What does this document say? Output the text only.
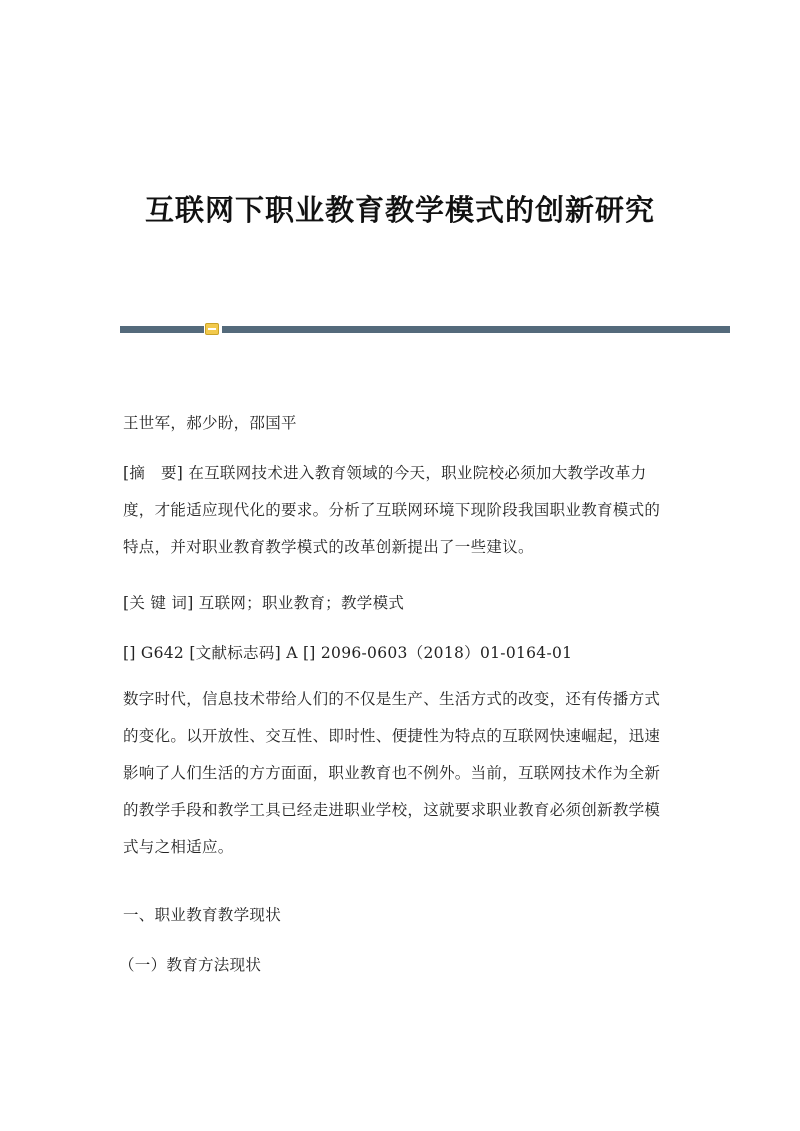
互联网下职业教育教学模式的创新研究
王世军，郝少盼，邵国平

[摘　要] 在互联网技术进入教育领域的今天，职业院校必须加大教学改革力

度，才能适应现代化的要求。分析了互联网环境下现阶段我国职业教育模式的

特点，并对职业教育教学模式的改革创新提出了一些建议。

[关 键 词] 互联网；职业教育；教学模式
[] G642 [文献标志码] A [] 2096-0603（2018）01-0164-01

数字时代，信息技术带给人们的不仅是生产、生活方式的改变，还有传播方式

的变化。以开放性、交互性、即时性、便捷性为特点的互联网快速崛起，迅速

影响了人们生活的方方面面，职业教育也不例外。当前，互联网技术作为全新

的教学手段和教学工具已经走进职业学校，这就要求职业教育必须创新教学模

式与之相适应。

一、职业教育教学现状
（一）教育方法现状
